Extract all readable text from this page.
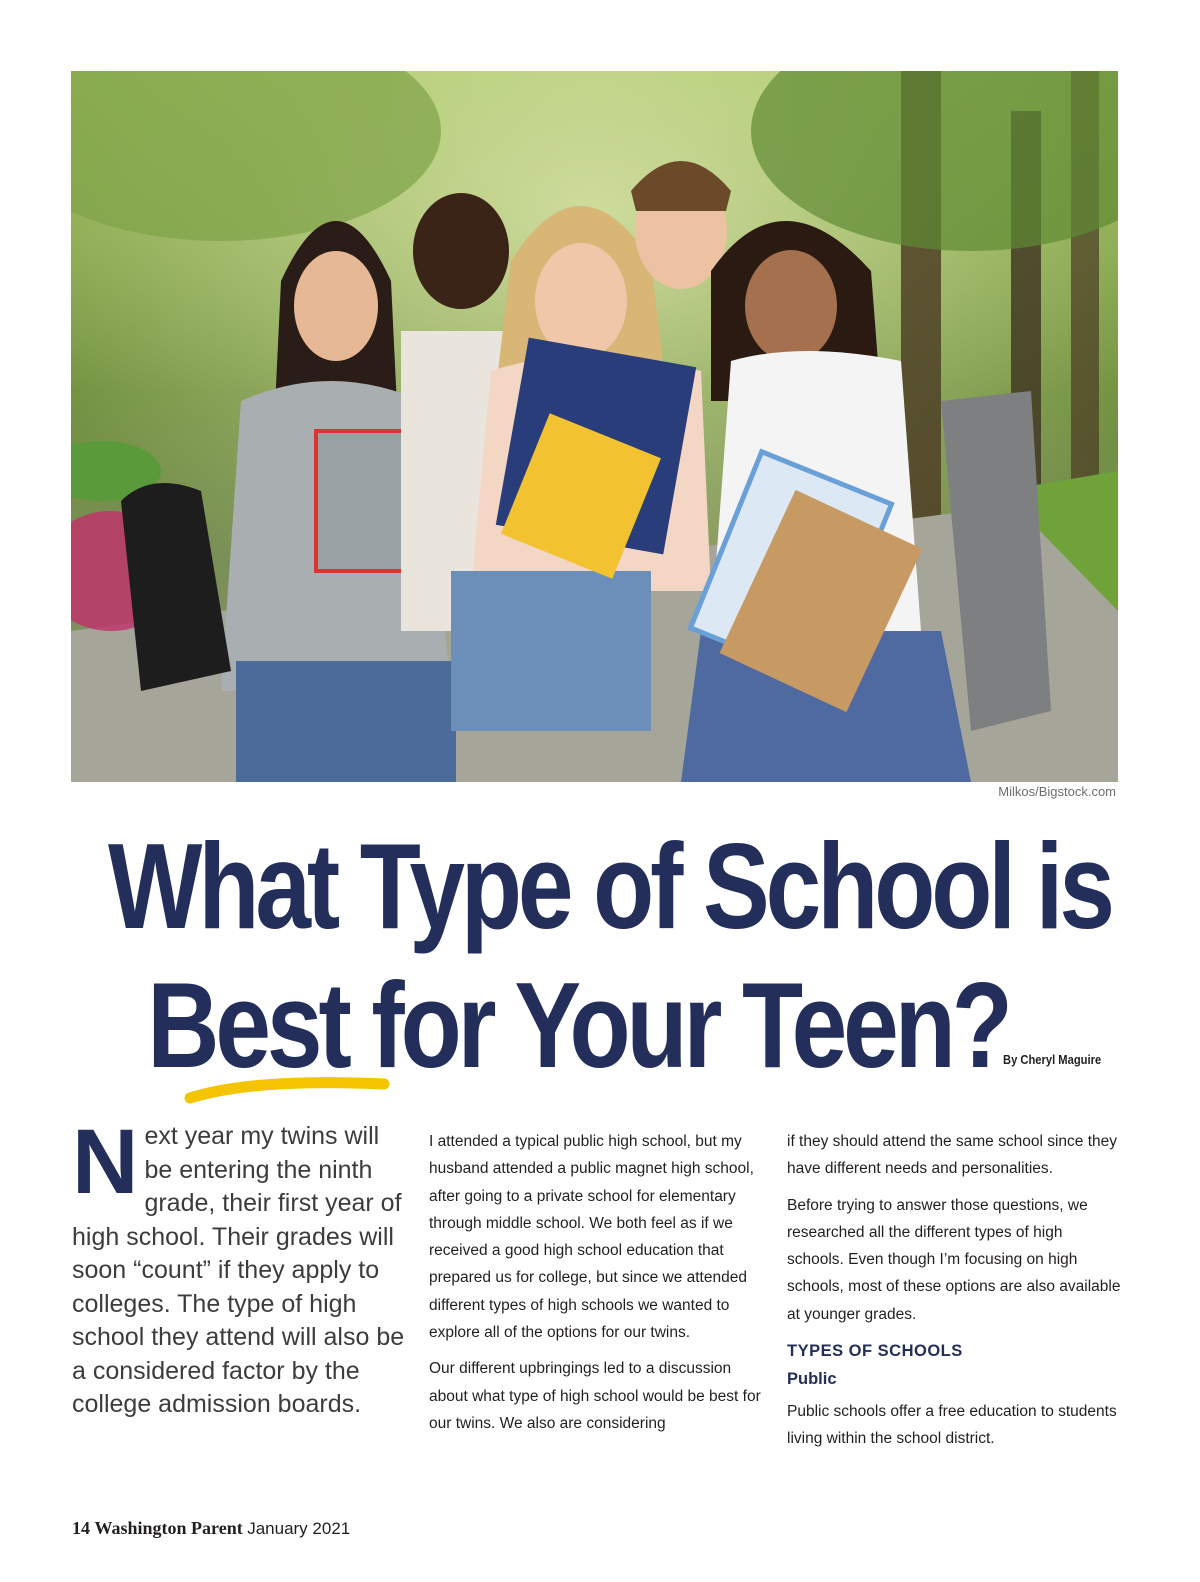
Milkos/Bigstock.com
What Type of School is
Best for Your Teen?
By Cheryl Maguire
Next year my twins will be entering the ninth grade, their first year of high school. Their grades will soon “count” if they apply to colleges. The type of high school they attend will also be a considered factor by the college admission boards.

I attended a typical public high school, but my husband attended a public magnet high school, after going to a private school for elementary through middle school. We both feel as if we received a good high school education that prepared us for college, but since we attended different types of high schools we wanted to explore all of the options for our twins.

Our different upbringings led to a discussion about what type of high school would be best for our twins. We also are considering

if they should attend the same school since they have different needs and personalities.

Before trying to answer those questions, we researched all the different types of high schools. Even though I’m focusing on high schools, most of these options are also available at younger grades.

TYPES OF SCHOOLS
Public

Public schools offer a free education to students living within the school district.

14 Washington Parent January 2021
